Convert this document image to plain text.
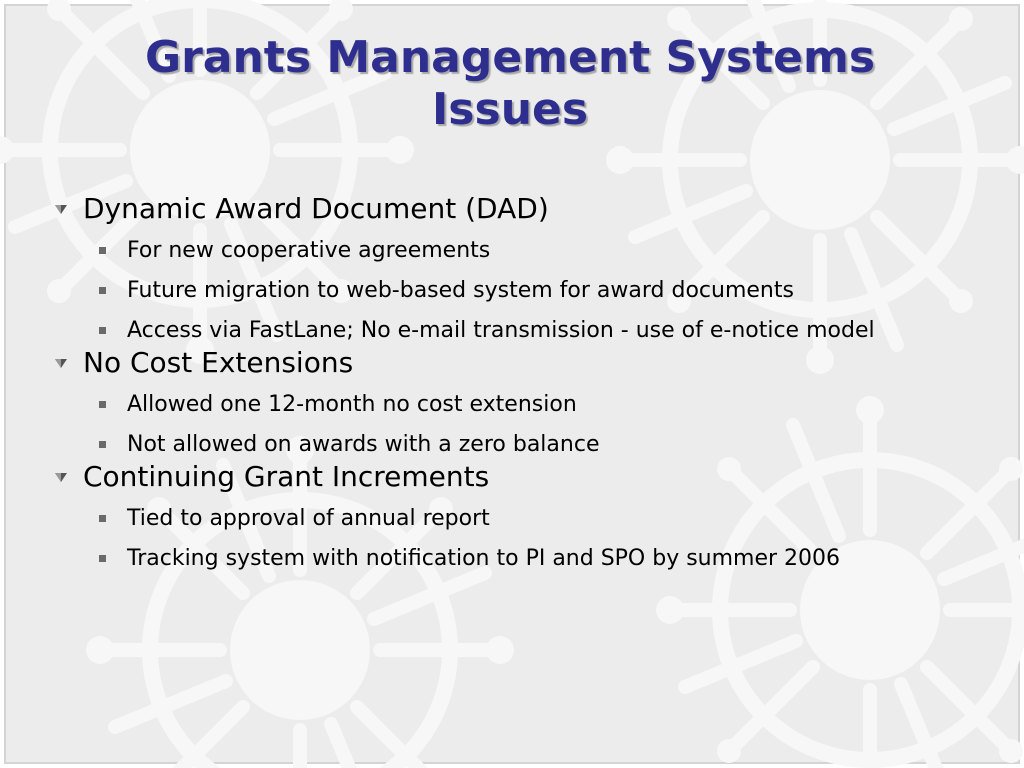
Grants Management Systems Issues
Dynamic Award Document (DAD)
For new cooperative agreements
Future migration to web-based system for award documents
Access via FastLane; No e-mail transmission - use of e-notice model
No Cost Extensions
Allowed one 12-month no cost extension
Not allowed on awards with a zero balance
Continuing Grant Increments
Tied to approval of annual report
Tracking system with notification to PI and SPO by summer 2006
